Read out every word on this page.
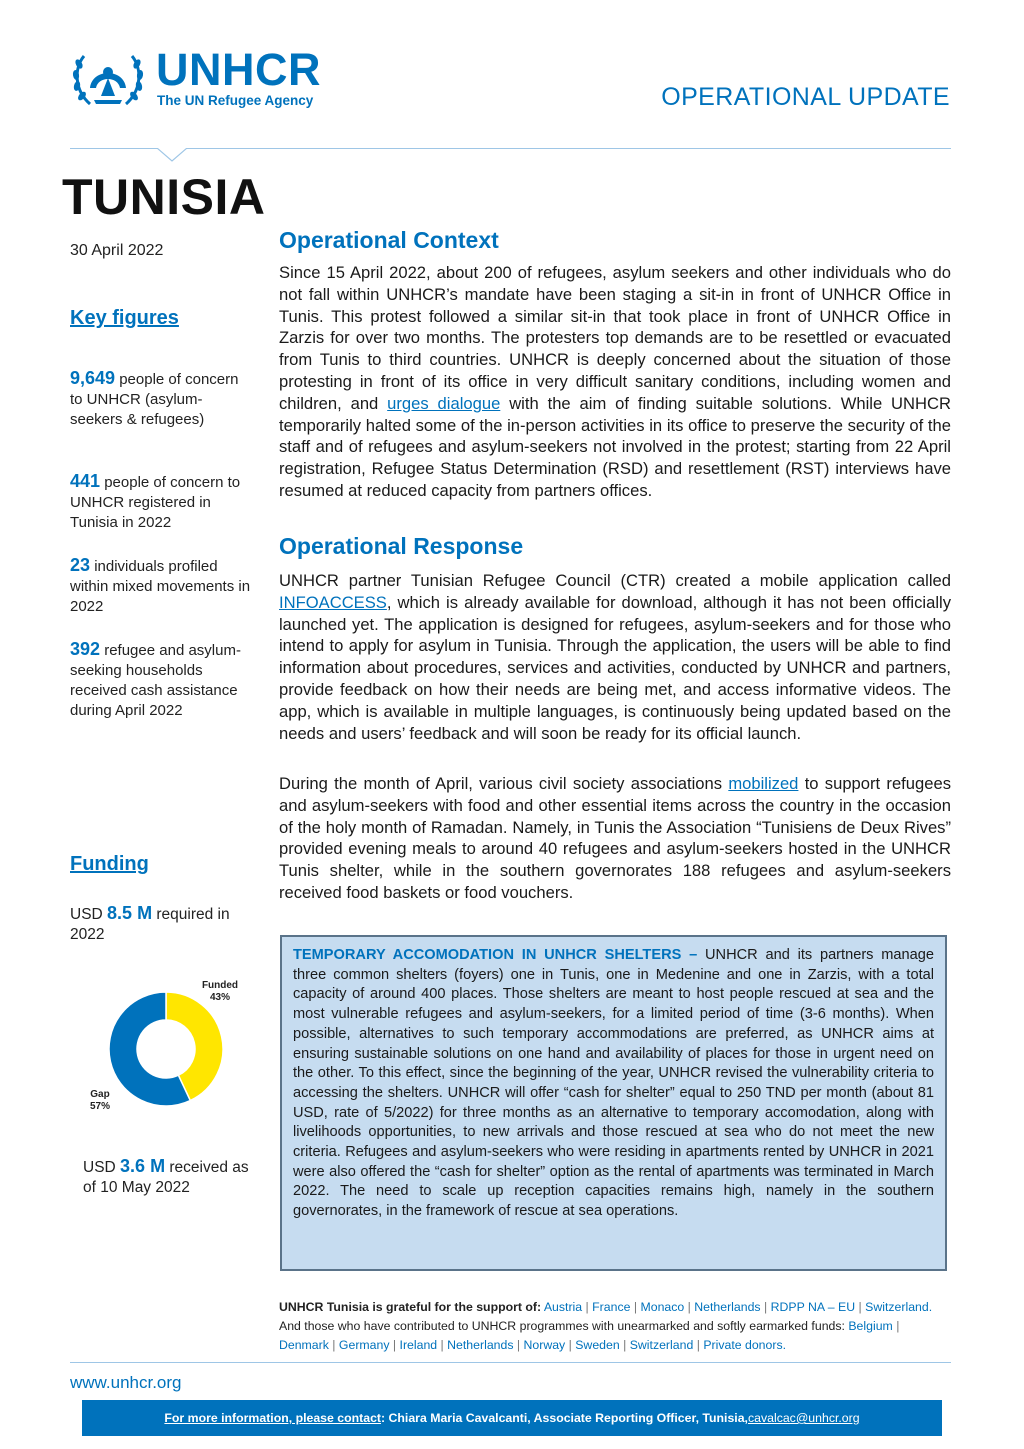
UNHCR
The UN Refugee Agency	OPERATIONAL UPDATE
TUNISIA
30 April 2022
Key figures
9,649 people of concern to UNHCR (asylum-seekers & refugees)
441 people of concern to UNHCR registered in Tunisia in 2022
23 individuals profiled within mixed movements in 2022
392 refugee and asylum-seeking households received cash assistance during April 2022
Funding
USD 8.5 M required in 2022
Funded
43%
Gap
57%
USD 3.6 M received as of 10 May 2022
Operational Context

Since 15 April 2022, about 200 of refugees, asylum seekers and other individuals who do not fall within UNHCR’s mandate have been staging a sit-in in front of UNHCR Office in Tunis. This protest followed a similar sit-in that took place in front of UNHCR Office in Zarzis for over two months. The protesters top demands are to be resettled or evacuated from Tunis to third countries. UNHCR is deeply concerned about the situation of those protesting in front of its office in very difficult sanitary conditions, including women and children, and urges dialogue with the aim of finding suitable solutions. While UNHCR temporarily halted some of the in-person activities in its office to preserve the security of the staff and of refugees and asylum-seekers not involved in the protest; starting from 22 April registration, Refugee Status Determination (RSD) and resettlement (RST) interviews have resumed at reduced capacity from partners offices.

Operational Response

UNHCR partner Tunisian Refugee Council (CTR) created a mobile application called INFOACCESS, which is already available for download, although it has not been officially launched yet. The application is designed for refugees, asylum-seekers and for those who intend to apply for asylum in Tunisia. Through the application, the users will be able to find information about procedures, services and activities, conducted by UNHCR and partners, provide feedback on how their needs are being met, and access informative videos. The app, which is available in multiple languages, is continuously being updated based on the needs and users’ feedback and will soon be ready for its official launch.

During the month of April, various civil society associations mobilized to support refugees and asylum-seekers with food and other essential items across the country in the occasion of the holy month of Ramadan. Namely, in Tunis the Association “Tunisiens de Deux Rives” provided evening meals to around 40 refugees and asylum-seekers hosted in the UNHCR Tunis shelter, while in the southern governorates 188 refugees and asylum-seekers received food baskets or food vouchers.

TEMPORARY ACCOMODATION IN UNHCR SHELTERS – UNHCR and its partners manage three common shelters (foyers) one in Tunis, one in Medenine and one in Zarzis, with a total capacity of around 400 places. Those shelters are meant to host people rescued at sea and the most vulnerable refugees and asylum-seekers, for a limited period of time (3-6 months). When possible, alternatives to such temporary accommodations are preferred, as UNHCR aims at ensuring sustainable solutions on one hand and availability of places for those in urgent need on the other. To this effect, since the beginning of the year, UNHCR revised the vulnerability criteria to accessing the shelters. UNHCR will offer “cash for shelter” equal to 250 TND per month (about 81 USD, rate of 5/2022) for three months as an alternative to temporary accomodation, along with livelihoods opportunities, to new arrivals and those rescued at sea who do not meet the new criteria. Refugees and asylum-seekers who were residing in apartments rented by UNHCR in 2021 were also offered the “cash for shelter” option as the rental of apartments was terminated in March 2022. The need to scale up reception capacities remains high, namely in the southern governorates, in the framework of rescue at sea operations.

UNHCR Tunisia is grateful for the support of: Austria | France | Monaco | Netherlands | RDPP NA – EU | Switzerland. And those who have contributed to UNHCR programmes with unearmarked and softly earmarked funds: Belgium | Denmark | Germany | Ireland | Netherlands | Norway | Sweden | Switzerland | Private donors.
www.unhcr.org
For more information, please contact : Chiara Maria Cavalcanti, Associate Reporting Officer, Tunisia, cavalcac@unhcr.org
